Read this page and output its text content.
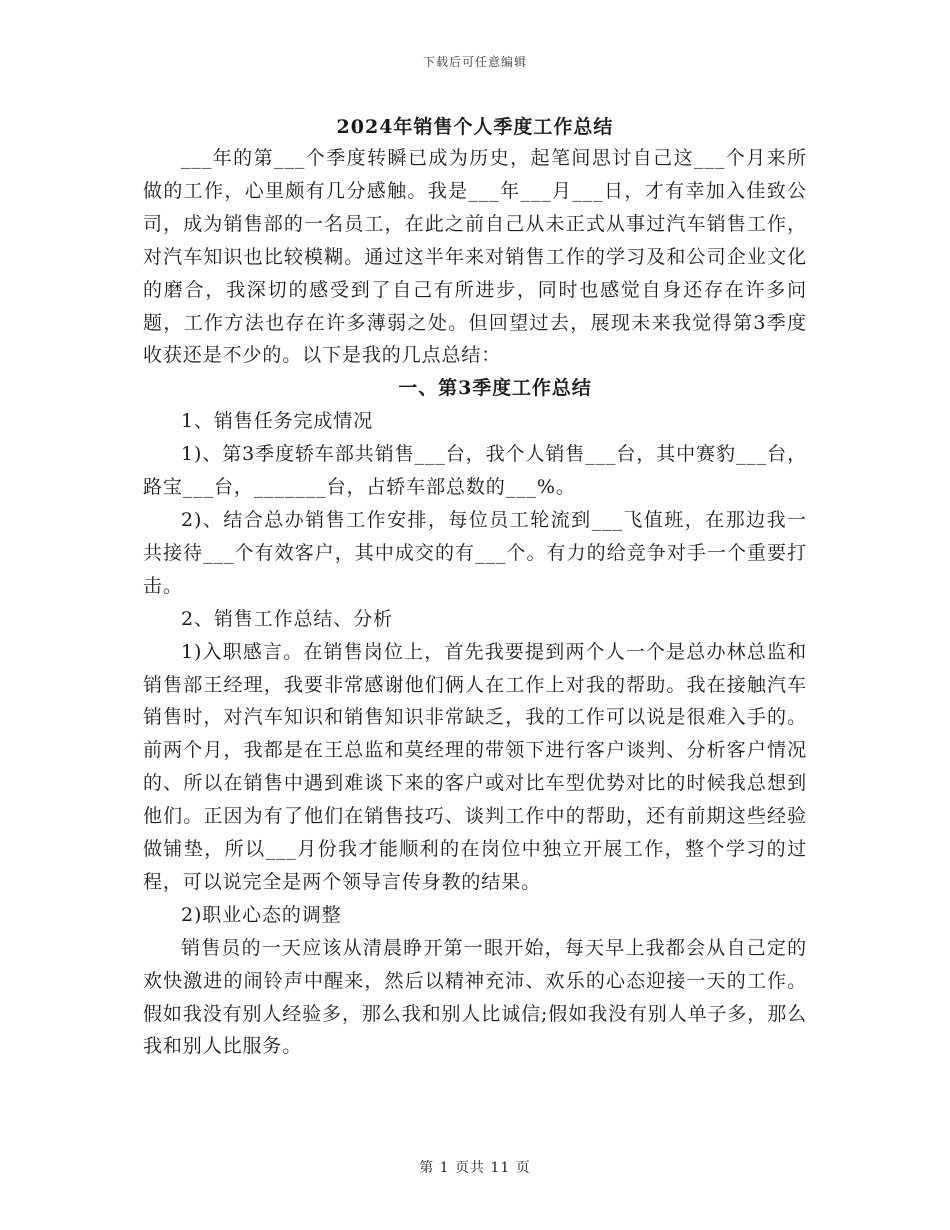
下载后可任意编辑
2024年销售个人季度工作总结

___年的第___个季度转瞬已成为历史，起笔间思讨自己这___个月来所做的工作，心里颇有几分感触。我是___年___月___日，才有幸加入佳致公司，成为销售部的一名员工，在此之前自己从未正式从事过汽车销售工作，对汽车知识也比较模糊。通过这半年来对销售工作的学习及和公司企业文化的磨合，我深切的感受到了自己有所进步，同时也感觉自身还存在许多问题，工作方法也存在许多薄弱之处。但回望过去，展现未来我觉得第3季度收获还是不少的。以下是我的几点总结：

一、第3季度工作总结

1、销售任务完成情况

1)、第3季度轿车部共销售___台，我个人销售___台，其中赛豹___台，路宝___台，_______台，占轿车部总数的___%。

2)、结合总办销售工作安排，每位员工轮流到___飞值班，在那边我一共接待___个有效客户，其中成交的有___个。有力的给竞争对手一个重要打击。

2、销售工作总结、分析

1)入职感言。在销售岗位上，首先我要提到两个人一个是总办林总监和销售部王经理，我要非常感谢他们俩人在工作上对我的帮助。我在接触汽车销售时，对汽车知识和销售知识非常缺乏，我的工作可以说是很难入手的。前两个月，我都是在王总监和莫经理的带领下进行客户谈判、分析客户情况的、所以在销售中遇到难谈下来的客户或对比车型优势对比的时候我总想到他们。正因为有了他们在销售技巧、谈判工作中的帮助，还有前期这些经验做铺垫，所以___月份我才能顺利的在岗位中独立开展工作，整个学习的过程，可以说完全是两个领导言传身教的结果。

2)职业心态的调整

销售员的一天应该从清晨睁开第一眼开始，每天早上我都会从自己定的欢快激进的闹铃声中醒来，然后以精神充沛、欢乐的心态迎接一天的工作。假如我没有别人经验多，那么我和别人比诚信;假如我没有别人单子多，那么我和别人比服务。

第 1 页共 11 页
